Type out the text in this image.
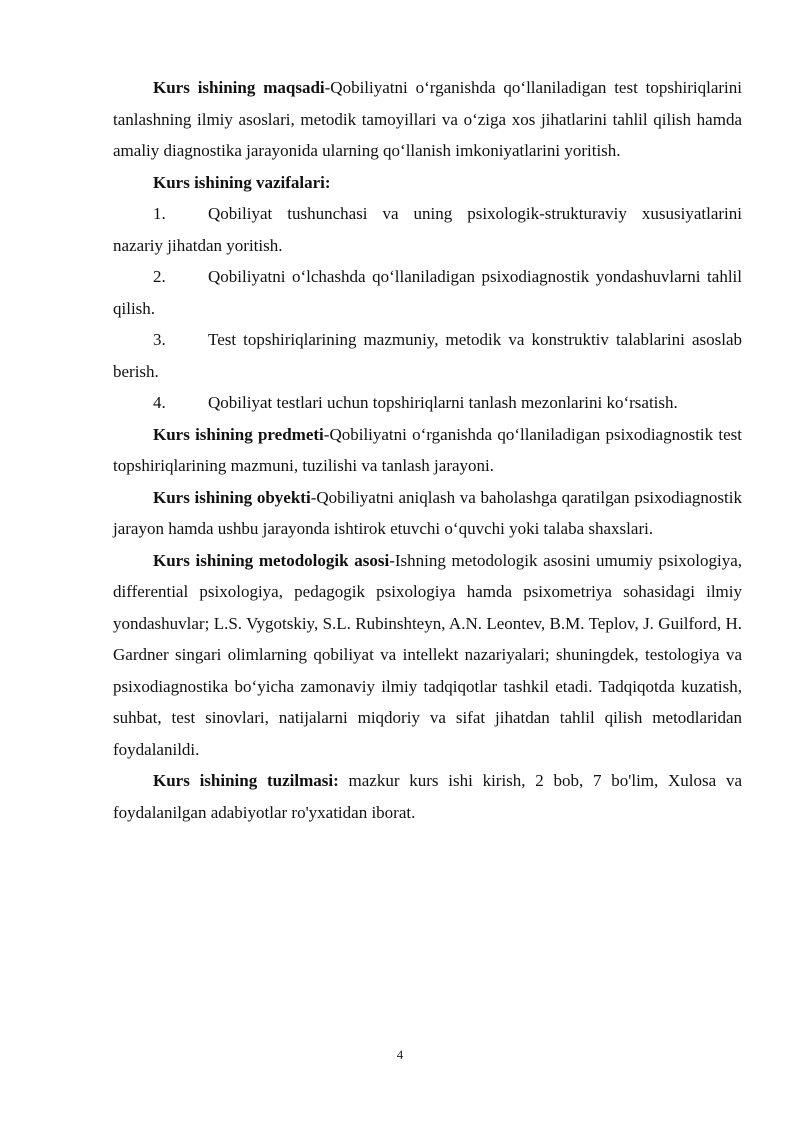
Kurs ishining maqsadi-Qobiliyatni o‘rganishda qo‘llaniladigan test topshiriqlarini tanlashning ilmiy asoslari, metodik tamoyillari va o‘ziga xos jihatlarini tahlil qilish hamda amaliy diagnostika jarayonida ularning qo‘llanish imkoniyatlarini yoritish.

Kurs ishining vazifalari:

1. Qobiliyat tushunchasi va uning psixologik-strukturaviy xususiyatlarini nazariy jihatdan yoritish.

2. Qobiliyatni o‘lchashda qo‘llaniladigan psixodiagnostik yondashuvlarni tahlil qilish.

3. Test topshiriqlarining mazmuniy, metodik va konstruktiv talablarini asoslab berish.

4. Qobiliyat testlari uchun topshiriqlarni tanlash mezonlarini ko‘rsatish.

Kurs ishining predmeti-Qobiliyatni o‘rganishda qo‘llaniladigan psixodiagnostik test topshiriqlarining mazmuni, tuzilishi va tanlash jarayoni.

Kurs ishining obyekti-Qobiliyatni aniqlash va baholashga qaratilgan psixodiagnostik jarayon hamda ushbu jarayonda ishtirok etuvchi o‘quvchi yoki talaba shaxslari.

Kurs ishining metodologik asosi-Ishning metodologik asosini umumiy psixologiya, differential psixologiya, pedagogik psixologiya hamda psixometriya sohasidagi ilmiy yondashuvlar; L.S. Vygotskiy, S.L. Rubinshteyn, A.N. Leontev, B.M. Teplov, J. Guilford, H. Gardner singari olimlarning qobiliyat va intellekt nazariyalari; shuningdek, testologiya va psixodiagnostika bo‘yicha zamonaviy ilmiy tadqiqotlar tashkil etadi. Tadqiqotda kuzatish, suhbat, test sinovlari, natijalarni miqdoriy va sifat jihatdan tahlil qilish metodlaridan foydalanildi.

Kurs ishining tuzilmasi: mazkur kurs ishi kirish, 2 bob, 7 bo'lim, Xulosa va foydalanilgan adabiyotlar ro'yxatidan iborat.

4
